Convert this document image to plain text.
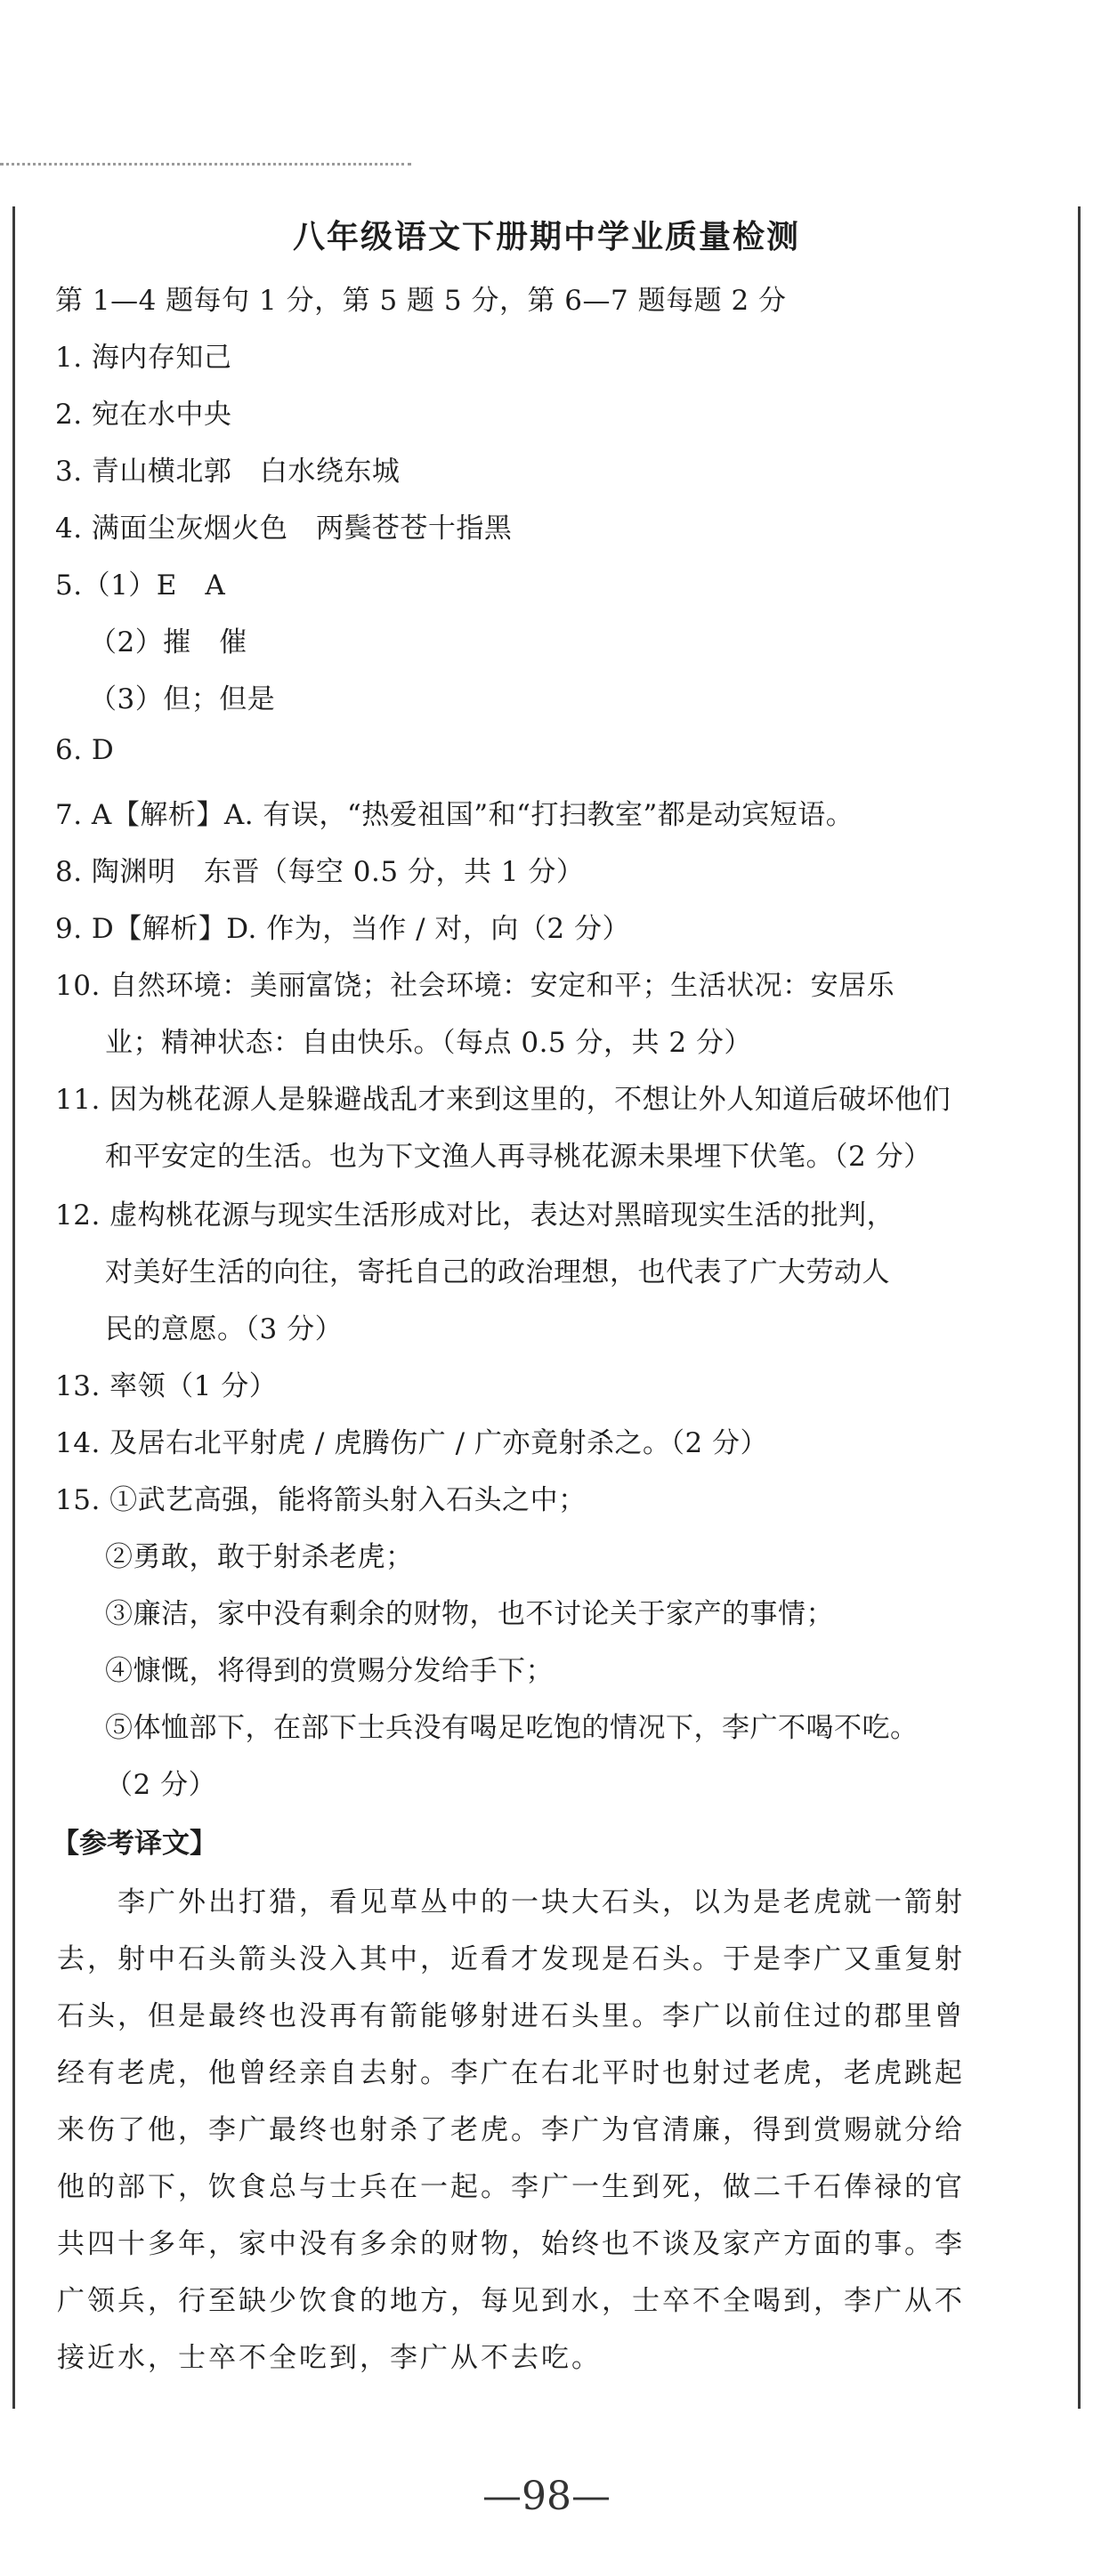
八年级语文下册期中学业质量检测
第 1—4 题每句 1 分，第 5 题 5 分，第 6—7 题每题 2 分
1. 海内存知己
2. 宛在水中央
3. 青山横北郭　白水绕东城
4. 满面尘灰烟火色　两鬓苍苍十指黑
5.（1）E　A
（2）摧　催
（3）但；但是
6. D
7. A【解析】A. 有误，“热爱祖国”和“打扫教室”都是动宾短语。
8. 陶渊明　东晋（每空 0.5 分，共 1 分）
9. D【解析】D. 作为，当作 / 对，向（2 分）
10. 自然环境：美丽富饶；社会环境：安定和平；生活状况：安居乐
业；精神状态：自由快乐。（每点 0.5 分，共 2 分）
11. 因为桃花源人是躲避战乱才来到这里的，不想让外人知道后破坏他们
和平安定的生活。也为下文渔人再寻桃花源未果埋下伏笔。（2 分）
12. 虚构桃花源与现实生活形成对比，表达对黑暗现实生活的批判，
对美好生活的向往，寄托自己的政治理想，也代表了广大劳动人
民的意愿。（3 分）
13. 率领（1 分）
14. 及居右北平射虎 / 虎腾伤广 / 广亦竟射杀之。（2 分）
15. ①武艺高强，能将箭头射入石头之中；
②勇敢，敢于射杀老虎；
③廉洁，家中没有剩余的财物，也不讨论关于家产的事情；
④慷慨，将得到的赏赐分发给手下；
⑤体恤部下，在部下士兵没有喝足吃饱的情况下，李广不喝不吃。
（2 分）
【参考译文】
　　李广外出打猎，看见草丛中的一块大石头，以为是老虎就一箭射
去，射中石头箭头没入其中，近看才发现是石头。于是李广又重复射
石头，但是最终也没再有箭能够射进石头里。李广以前住过的郡里曾
经有老虎，他曾经亲自去射。李广在右北平时也射过老虎，老虎跳起
来伤了他，李广最终也射杀了老虎。李广为官清廉，得到赏赐就分给
他的部下，饮食总与士兵在一起。李广一生到死，做二千石俸禄的官
共四十多年，家中没有多余的财物，始终也不谈及家产方面的事。李
广领兵，行至缺少饮食的地方，每见到水，士卒不全喝到，李广从不
接近水，士卒不全吃到，李广从不去吃。
—98—
